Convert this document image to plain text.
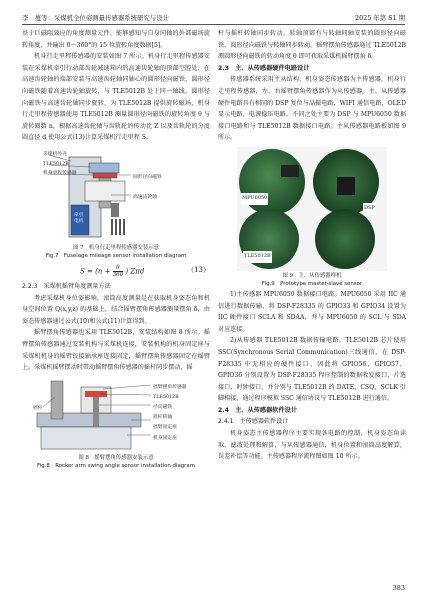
李　蔓等：采煤机全位姿测量传感器系统研究与设计	2025 年第 S1 期

基于巨磁阻效应的角度测量元件，能够感知与自身同轴的外部磁场旋转角度，并输出 0～360°的 15 位旋转角度数据[5]。

机身行走里程传感器的安装如图 7 所示。机身行走里程传感器安装在采煤机牵引行动部齿轮减速箱内的高速齿轮轴的顶部空腔处，在高速齿轮轴的端部安装与高速齿轮轴同轴心的圆形径向磁铁，圆形径向磁铁随着高速齿轮轴旋转，与 TLE5012B 处于同一轴线。圆形径向磁铁与高速齿轮轴同步旋转，为 TLE5012B 提供旋转磁场，机身行走里程传感器使用 TLE5012B 测量圆形径向磁铁的旋转角度 θ 与旋转圈数 n，根据高速齿轮轴与齿轨轮的传动比 Z 以及齿轨轮的分度圆直径 d 使用公式(13)计算采煤机行走里程 S。

采煤机外壳
TLE5012B
机身里程传感器
圆形径向磁铁
高速齿轮轴
牵引
电机

图 7　机身行走里程传感器安装示意

Fig.7　Fuselage mileage sensor installation diagram

$S = (n + \frac{\theta}{360}$ ) Zπd	（13）

2.2.3　采煤机摇臂角度测量方法

考虑采煤机身位姿影响，滚筒高度测量是在获取机身姿态角和机身空间位置 Q(x,y,z) 的基础上，结合摇臂摆角传感器测量摆角 δ，由姿态传感器通过公式(10)和公式(11)计算得到。

摇臂摆角传感器也采用 TLE5012B，安装结构如图 8 所示。摇臂摆角传感器通过安装机构与采煤机连接，安装机构的机身固定座与采煤机机身的摇臂铰接轴承座连接固定，摇臂摆角传感器固定在摇臂上。采煤机摇臂摆动时带动摇臂摆角传感器的摇杆同步摆动，摇

摇臂摆角传感器
TLE5012B
径向磁铁
摇杆
摇杆转轴
摇臂固定座
机身固定座

图 8　摇臂摆角传感器安装示意

Fig.8　Rocker arm swing angle sensor installation diagram

杆与摇杆转轴同步转动，转轴顶部有与转轴同轴安装的圆形径向磁铁，圆形径向磁铁与转轴同步转动。摇臂摆角传感器通过 TLE5012B 测圆形径向磁铁的转动角度 θ 即可获取采煤机摇臂摆角 δ。

2.3　主、从传感器硬件电路设计

传感器系统采用主从结构，机身姿态传感器为主传感器，机身行走里程传感器，左、右摇臂摆角传感器作为从传感器。主、从传感器硬件电路具有相同的 DSP 复位与晶振电路，WIFI 通信电路，OLED 显示电路，电源稳压电路。不同之处主要为 DSP 与 MPU6050 数据接口电路和与 TLE5012B 数据接口电路。主从传感器电路板如图 9 所示。

MPU6050
DSP
TLE5012B

图 9　主、从传感器样机

Fig.9　Prototype master-slave sensor

1)主传感器 MPU6050 数据接口电路。MPU6050 采用 IIC 通信进行数据传输，将 DSP-F28335 的 GPIO33 和 GPIO34 设置为 IIC 硬件接口 SCLA 和 SDAA，并与 MPU6050 的 SCL 与 SDA 对应连接。

2)从传感器 TLE5012B 数据传输电路。TLE5012B 芯片使用 SSC(Synchronous Serial Communication)三线通信，在 DSP-F28335 中无相应的硬件接口，因此将 GPIO56，GPIO57，GPIO36 分别设置为 DSP-F28335 程序控制的数据收发接口，片选接口，时钟接口，并分别与 TLE5012B 的 DATE、CSQ、SCLK 引脚相接，通过程序模拟 SSC 通信协议与 TLE5012B 进行通信。

2.4　主、从传感器软件设计

2.4.1　主传感器软件设计

机身姿态主传感器程序主要实现各电路的控制，机身姿态角读取、滤波处理和解算，与从传感器通信，机身位置和滚筒高度解算，误差补偿等功能。主传感器程序流程图如图 10 所示。

383
